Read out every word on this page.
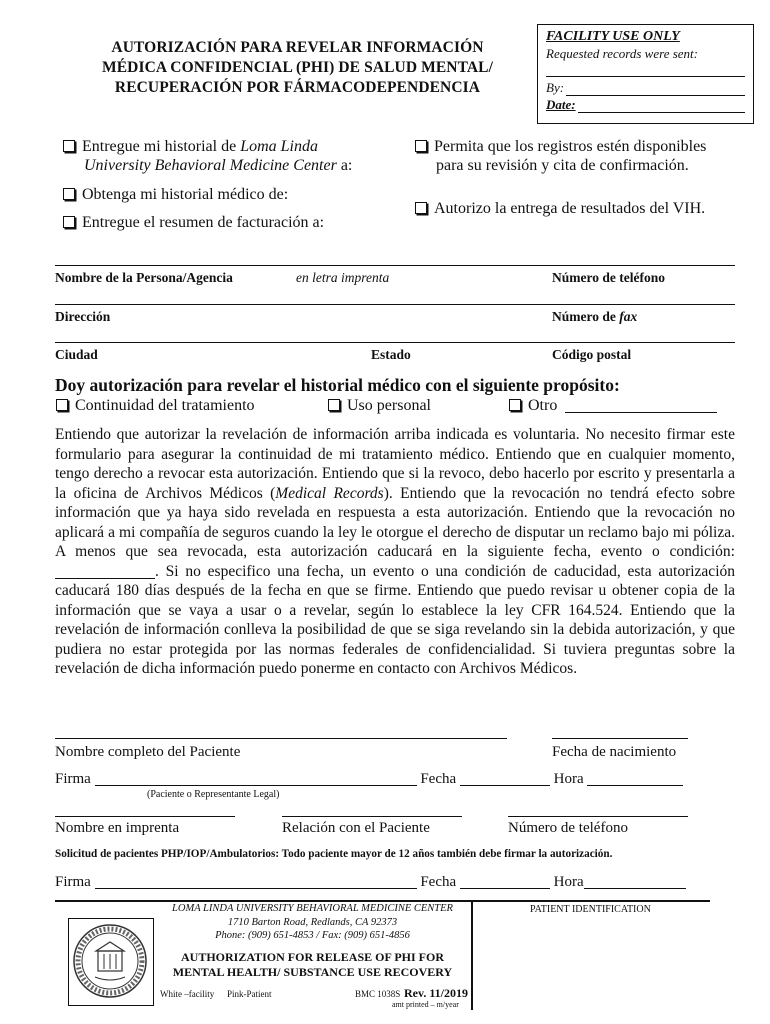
AUTORIZACIÓN PARA REVELAR INFORMACIÓN
MÉDICA CONFIDENCIAL (PHI) DE SALUD MENTAL/
RECUPERACIÓN POR FÁRMACODEPENDENCIA
FACILITY USE ONLY
Requested records were sent:
By:
Date:
Entregue mi historial de Loma Linda
University Behavioral Medicine Center a:
Obtenga mi historial médico de:
Entregue el resumen de facturación a:
Permita que los registros estén disponibles
para su revisión y cita de confirmación.
Autorizo la entrega de resultados del VIH.
Nombre de la Persona/Agencia	en letra imprenta	Número de teléfono
Dirección	Número de fax
Ciudad	Estado	Código postal
Doy autorización para revelar el historial médico con el siguiente propósito:
Continuidad del tratamiento	Uso personal	Otro
Entiendo que autorizar la revelación de información arriba indicada es voluntaria. No necesito firmar este formulario para asegurar la continuidad de mi tratamiento médico. Entiendo que en cualquier momento, tengo derecho a revocar esta autorización. Entiendo que si la revoco, debo hacerlo por escrito y presentarla a la oficina de Archivos Médicos (Medical Records). Entiendo que la revocación no tendrá efecto sobre información que ya haya sido revelada en respuesta a esta autorización. Entiendo que la revocación no aplicará a mi compañía de seguros cuando la ley le otorgue el derecho de disputar un reclamo bajo mi póliza. A menos que sea revocada, esta autorización caducará en la siguiente fecha, evento o condición:. Si no especifico una fecha, un evento o una condición de caducidad, esta autorización caducará 180 días después de la fecha en que se firme. Entiendo que puedo revisar u obtener copia de la información que se vaya a usar o a revelar, según lo establece la ley CFR 164.524. Entiendo que la revelación de información conlleva la posibilidad de que se siga revelando sin la debida autorización, y que pudiera no estar protegida por las normas federales de confidencialidad. Si tuviera preguntas sobre la revelación de dicha información puedo ponerme en contacto con Archivos Médicos.
Nombre completo del Paciente	Fecha de nacimiento
Firma	Fecha	Hora
(Paciente o Representante Legal)
Nombre en imprenta	Relación con el Paciente	Número de teléfono
Solicitud de pacientes PHP/IOP/Ambulatorios: Todo paciente mayor de 12 años también debe firmar la autorización.
Firma	Fecha	Hora
LOMA LINDA UNIVERSITY BEHAVIORAL MEDICINE CENTER
1710 Barton Road, Redlands, CA 92373
Phone: (909) 651-4853 / Fax: (909) 651-4856
AUTHORIZATION FOR RELEASE OF PHI FOR
MENTAL HEALTH/ SUBSTANCE USE RECOVERY
White –facility Pink-Patient	BMC 1038S Rev. 11/2019
amt printed – m/year
PATIENT IDENTIFICATION
